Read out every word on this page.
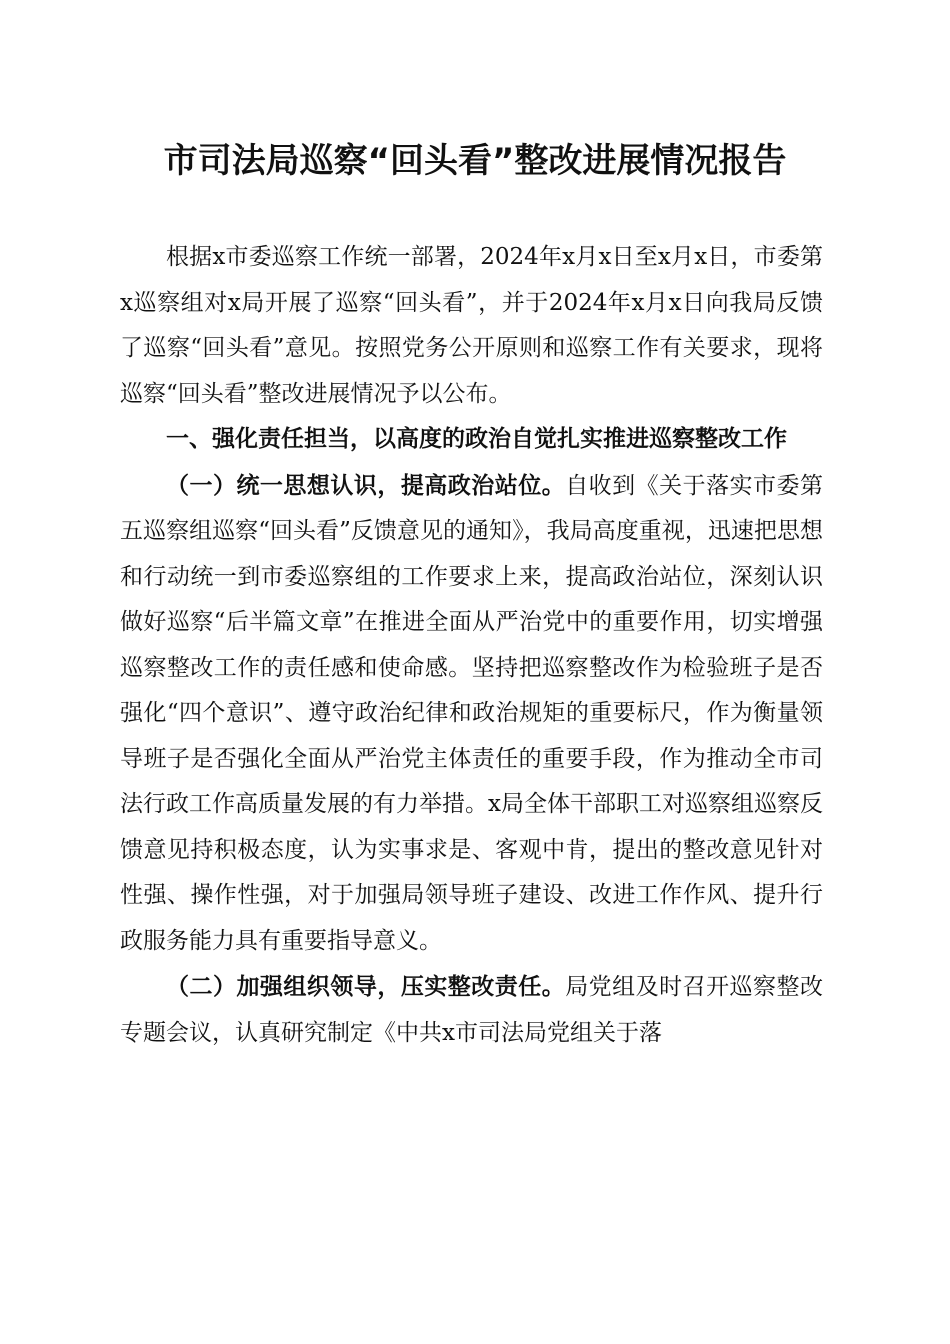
市司法局巡察“回头看”整改进展情况报告

根据x市委巡察工作统一部署，2024年x月x日至x月x日，市委第x巡察组对x局开展了巡察“回头看”，并于2024年x月x日向我局反馈了巡察“回头看”意见。按照党务公开原则和巡察工作有关要求，现将巡察“回头看”整改进展情况予以公布。

一、强化责任担当，以高度的政治自觉扎实推进巡察整改工作

（一）统一思想认识，提高政治站位。自收到《关于落实市委第五巡察组巡察“回头看”反馈意见的通知》，我局高度重视，迅速把思想和行动统一到市委巡察组的工作要求上来，提高政治站位，深刻认识做好巡察“后半篇文章”在推进全面从严治党中的重要作用，切实增强巡察整改工作的责任感和使命感。坚持把巡察整改作为检验班子是否强化“四个意识”、遵守政治纪律和政治规矩的重要标尺，作为衡量领导班子是否强化全面从严治党主体责任的重要手段，作为推动全市司法行政工作高质量发展的有力举措。x局全体干部职工对巡察组巡察反馈意见持积极态度，认为实事求是、客观中肯，提出的整改意见针对性强、操作性强，对于加强局领导班子建设、改进工作作风、提升行政服务能力具有重要指导意义。

（二）加强组织领导，压实整改责任。局党组及时召开巡察整改专题会议，认真研究制定《中共x市司法局党组关于落
